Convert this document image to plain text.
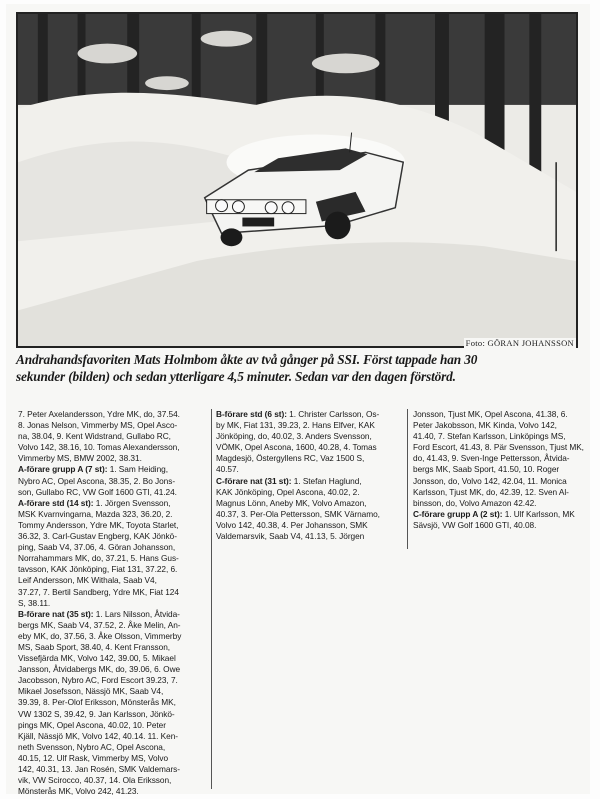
Foto: GÖRAN JOHANSSON

Andrahandsfavoriten Mats Holmbom åkte av två gånger på SSI. Först tappade han 30

sekunder (bilden) och sedan ytterligare 4,5 minuter. Sedan var den dagen förstörd.

7. Peter Axelandersson, Ydre MK, do, 37.54.

8. Jonas Nelson, Vimmerby MS, Opel Asco-

na, 38.04, 9. Kent Widstrand, Gullabo RC,

Volvo 142, 38.16, 10. Tomas Alexandersson,

Vimmerby MS, BMW 2002, 38.31.

A-förare grupp A (7 st): 1. Sam Heiding,

Nybro AC, Opel Ascona, 38.35, 2. Bo Jons-

son, Gullabo RC, VW Golf 1600 GTI, 41.24.

A-förare std (14 st): 1. Jörgen Svensson,

MSK Kvarnvingarna, Mazda 323, 36.20, 2.

Tommy Andersson, Ydre MK, Toyota Starlet,

36.32, 3. Carl-Gustav Engberg, KAK Jönkö-

ping, Saab V4, 37.06, 4. Göran Johansson,

Norrahammars MK, do, 37.21, 5. Hans Gus-

tavsson, KAK Jönköping, Fiat 131, 37.22, 6.

Leif Andersson, MK Withala, Saab V4,

37.27, 7. Bertil Sandberg, Ydre MK, Fiat 124

S, 38.11.

B-förare nat (35 st): 1. Lars Nilsson, Åtvida-

bergs MK, Saab V4, 37.52, 2. Åke Melin, An-

eby MK, do, 37.56, 3. Åke Olsson, Vimmerby

MS, Saab Sport, 38.40, 4. Kent Fransson,

Vissefjärda MK, Volvo 142, 39.00, 5. Mikael

Jansson, Åtvidabergs MK, do, 39.06, 6. Owe

Jacobsson, Nybro AC, Ford Escort 39.23, 7.

Mikael Josefsson, Nässjö MK, Saab V4,

39.39, 8. Per-Olof Eriksson, Mönsterås MK,

VW 1302 S, 39.42, 9. Jan Karlsson, Jönkö-

pings MK, Opel Ascona, 40.02, 10. Peter

Kjäll, Nässjö MK, Volvo 142, 40.14. 11. Ken-

neth Svensson, Nybro AC, Opel Ascona,

40.15, 12. Ulf Rask, Vimmerby MS, Volvo

142, 40.31, 13. Jan Rosén, SMK Valdemars-

vik, VW Scirocco, 40.37, 14. Ola Eriksson,

Mönsterås MK, Volvo 242, 41.23.

B-förare std (6 st): 1. Christer Carlsson, Os-

by MK, Fiat 131, 39.23, 2. Hans Elfver, KAK

Jönköping, do, 40.02, 3. Anders Svensson,

VÖMK, Opel Ascona, 1600, 40.28, 4. Tomas

Magdesjö, Östergyllens RC, Vaz 1500 S,

40.57.

C-förare nat (31 st): 1. Stefan Haglund,

KAK Jönköping, Opel Ascona, 40.02, 2.

Magnus Lönn, Aneby MK, Volvo Amazon,

40.37, 3. Per-Ola Pettersson, SMK Värnamo,

Volvo 142, 40.38, 4. Per Johansson, SMK

Valdemarsvik, Saab V4, 41.13, 5. Jörgen

Jonsson, Tjust MK, Opel Ascona, 41.38, 6.

Peter Jakobsson, MK Kinda, Volvo 142,

41.40, 7. Stefan Karlsson, Linköpings MS,

Ford Escort, 41.43, 8. Pär Svensson, Tjust MK,

do, 41.43, 9. Sven-Inge Pettersson, Åtvida-

bergs MK, Saab Sport, 41.50, 10. Roger

Jonsson, do, Volvo 142, 42.04, 11. Monica

Karlsson, Tjust MK, do, 42.39, 12. Sven Al-

binsson, do, Volvo Amazon 42.42.

C-förare grupp A (2 st): 1. Ulf Karlsson, MK

Sävsjö, VW Golf 1600 GTI, 40.08.
